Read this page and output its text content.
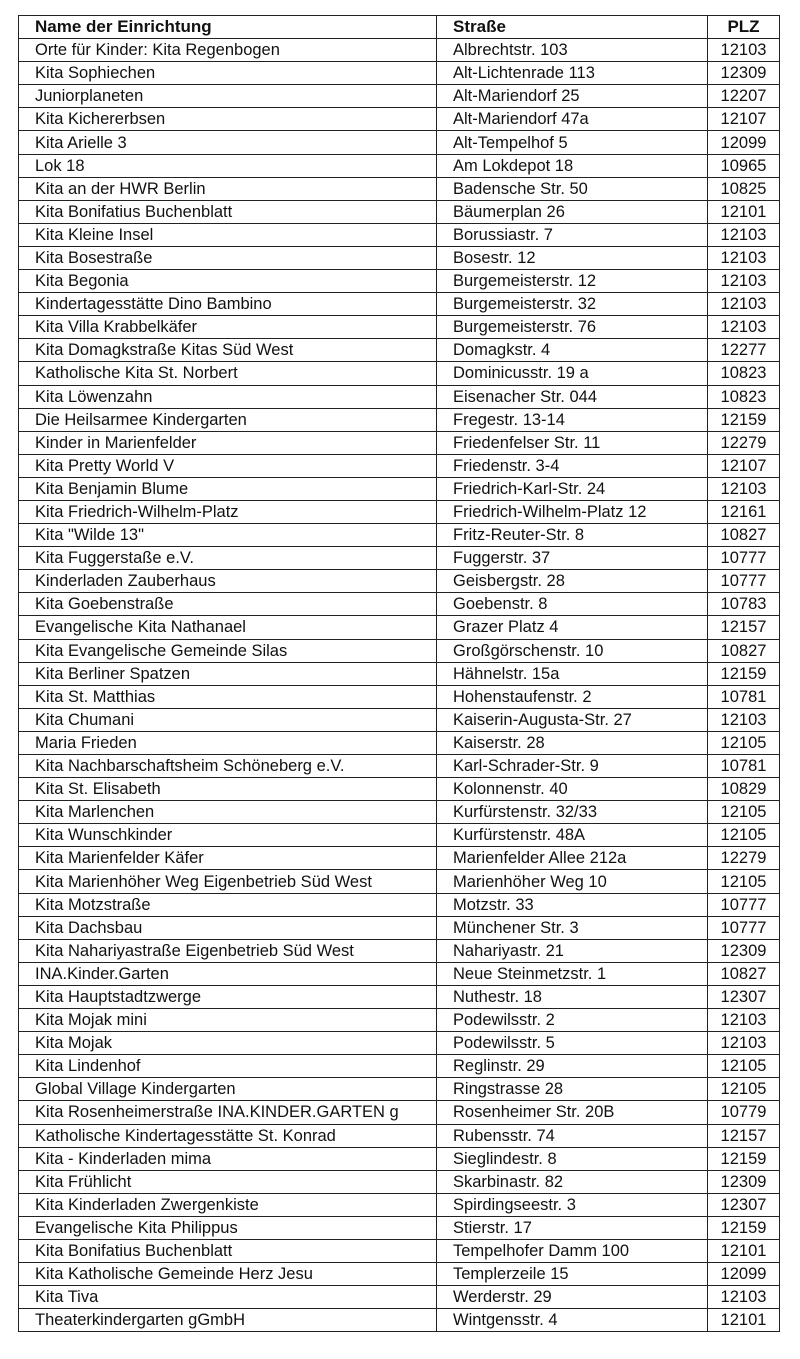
Name der Einrichtung	Straße	PLZ
Orte für Kinder: Kita Regenbogen	Albrechtstr. 103	12103
Kita Sophiechen	Alt-Lichtenrade 113	12309
Juniorplaneten	Alt-Mariendorf 25	12207
Kita Kichererbsen	Alt-Mariendorf 47a	12107
Kita Arielle 3	Alt-Tempelhof 5	12099
Lok 18	Am Lokdepot 18	10965
Kita an der HWR Berlin	Badensche Str. 50	10825
Kita Bonifatius Buchenblatt	Bäumerplan 26	12101
Kita Kleine Insel	Borussiastr. 7	12103
Kita Bosestraße	Bosestr. 12	12103
Kita Begonia	Burgemeisterstr. 12	12103
Kindertagesstätte Dino Bambino	Burgemeisterstr. 32	12103
Kita Villa Krabbelkäfer	Burgemeisterstr. 76	12103
Kita Domagkstraße Kitas Süd West	Domagkstr. 4	12277
Katholische Kita St. Norbert	Dominicusstr. 19 a	10823
Kita Löwenzahn	Eisenacher Str. 044	10823
Die Heilsarmee Kindergarten	Fregestr. 13-14	12159
Kinder in Marienfelder	Friedenfelser Str. 11	12279
Kita Pretty World V	Friedenstr. 3-4	12107
Kita Benjamin Blume	Friedrich-Karl-Str. 24	12103
Kita Friedrich-Wilhelm-Platz	Friedrich-Wilhelm-Platz 12	12161
Kita "Wilde 13"	Fritz-Reuter-Str. 8	10827
Kita Fuggerstaße e.V.	Fuggerstr. 37	10777
Kinderladen Zauberhaus	Geisbergstr. 28	10777
Kita Goebenstraße	Goebenstr. 8	10783
Evangelische Kita Nathanael	Grazer Platz 4	12157
Kita Evangelische Gemeinde Silas	Großgörschenstr. 10	10827
Kita Berliner Spatzen	Hähnelstr. 15a	12159
Kita St. Matthias	Hohenstaufenstr. 2	10781
Kita Chumani	Kaiserin-Augusta-Str. 27	12103
Maria Frieden	Kaiserstr. 28	12105
Kita Nachbarschaftsheim Schöneberg e.V.	Karl-Schrader-Str. 9	10781
Kita St. Elisabeth	Kolonnenstr. 40	10829
Kita Marlenchen	Kurfürstenstr. 32/33	12105
Kita Wunschkinder	Kurfürstenstr. 48A	12105
Kita Marienfelder Käfer	Marienfelder Allee 212a	12279
Kita Marienhöher Weg Eigenbetrieb Süd West	Marienhöher Weg 10	12105
Kita Motzstraße	Motzstr. 33	10777
Kita Dachsbau	Münchener Str. 3	10777
Kita Nahariyastraße Eigenbetrieb Süd West	Nahariyastr. 21	12309
INA.Kinder.Garten	Neue Steinmetzstr. 1	10827
Kita Hauptstadtzwerge	Nuthestr. 18	12307
Kita Mojak mini	Podewilsstr. 2	12103
Kita Mojak	Podewilsstr. 5	12103
Kita Lindenhof	Reglinstr. 29	12105
Global Village Kindergarten	Ringstrasse 28	12105
Kita Rosenheimerstraße INA.KINDER.GARTEN g	Rosenheimer Str. 20B	10779
Katholische Kindertagesstätte St. Konrad	Rubensstr. 74	12157
Kita - Kinderladen mima	Sieglindestr. 8	12159
Kita Frühlicht	Skarbinastr. 82	12309
Kita Kinderladen Zwergenkiste	Spirdingseestr. 3	12307
Evangelische Kita Philippus	Stierstr. 17	12159
Kita Bonifatius Buchenblatt	Tempelhofer Damm 100	12101
Kita Katholische Gemeinde Herz Jesu	Templerzeile 15	12099
Kita Tiva	Werderstr. 29	12103
Theaterkindergarten gGmbH	Wintgensstr. 4	12101
